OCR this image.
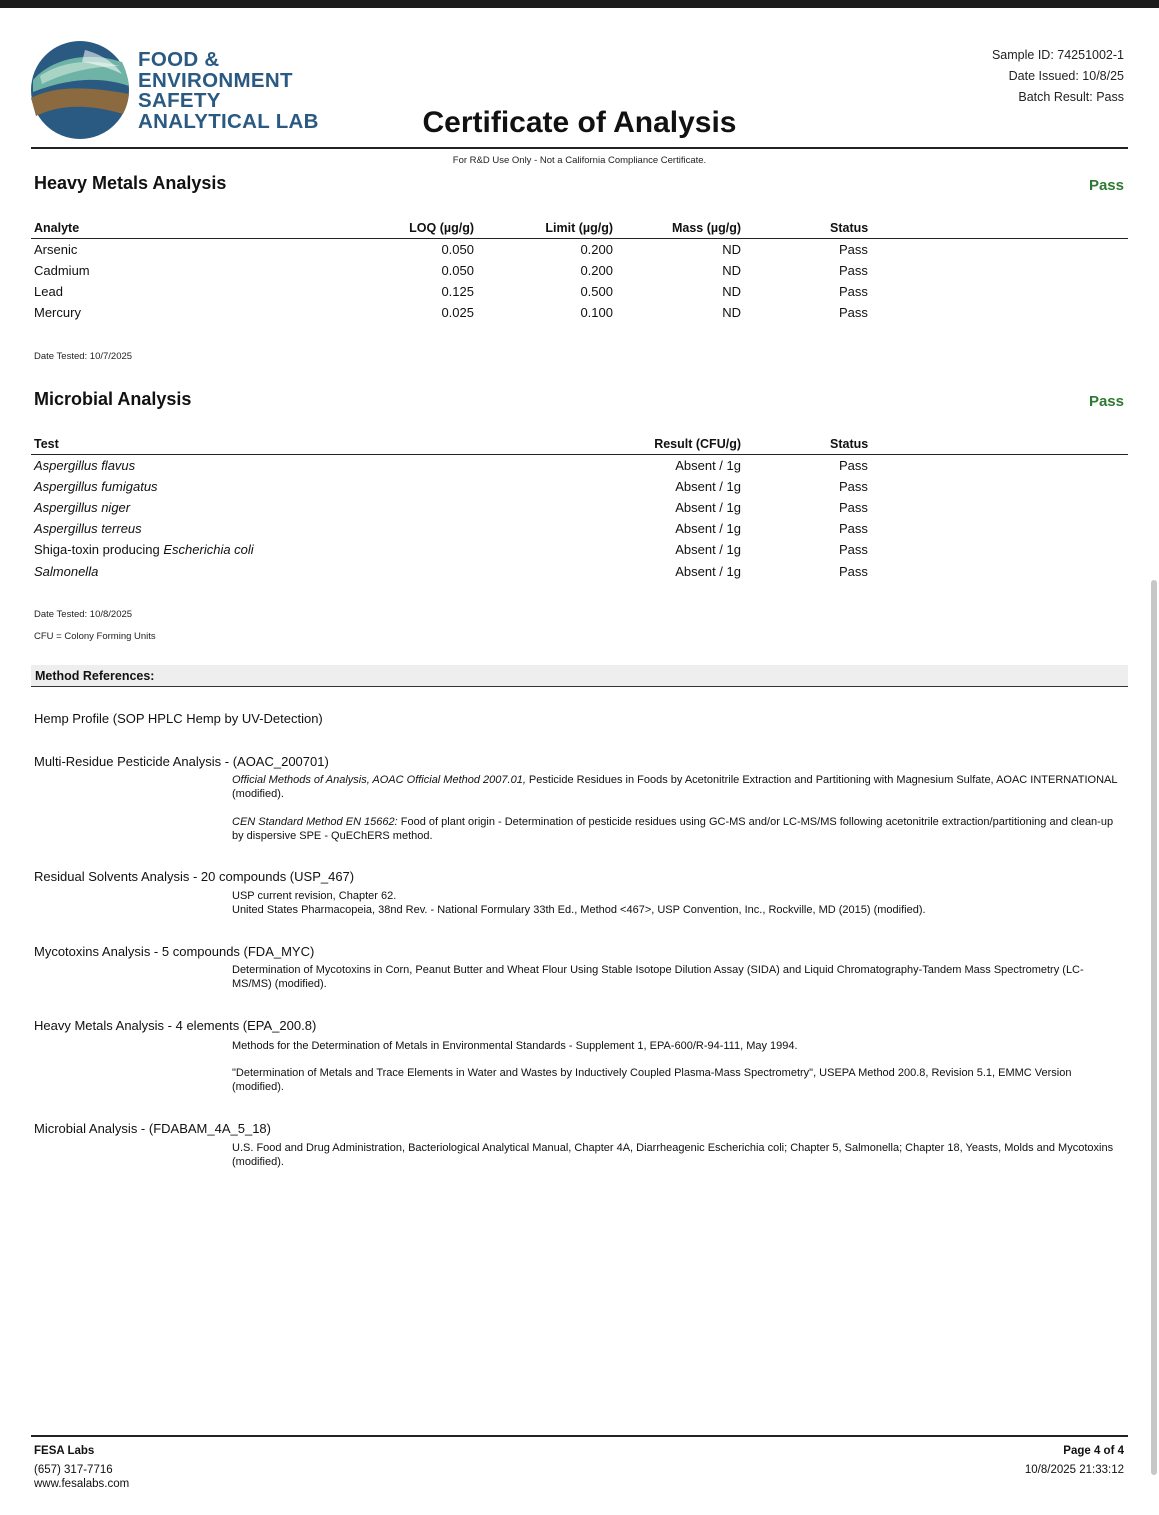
FOOD &
ENVIRONMENT
SAFETY
ANALYTICAL LAB
Sample ID: 74251002-1
Date Issued: 10/8/25
Batch Result: Pass
Certificate of Analysis
For R&D Use Only - Not a California Compliance Certificate.
Heavy Metals Analysis	Pass
Analyte	LOQ (µg/g)	Limit (µg/g)	Mass (µg/g)	Status
Arsenic	0.050	0.200	ND	Pass
Cadmium	0.050	0.200	ND	Pass
Lead	0.125	0.500	ND	Pass
Mercury	0.025	0.100	ND	Pass
Date Tested: 10/7/2025
Microbial Analysis	Pass
Test	Result (CFU/g)	Status
Aspergillus flavus	Absent / 1g	Pass
Aspergillus fumigatus	Absent / 1g	Pass
Aspergillus niger	Absent / 1g	Pass
Aspergillus terreus	Absent / 1g	Pass
Shiga-toxin producing Escherichia coli	Absent / 1g	Pass
Salmonella	Absent / 1g	Pass
Date Tested: 10/8/2025
CFU = Colony Forming Units
Method References:
Hemp Profile (SOP HPLC Hemp by UV-Detection)
Multi-Residue Pesticide Analysis - (AOAC_200701)
Official Methods of Analysis, AOAC Official Method 2007.01, Pesticide Residues in Foods by Acetonitrile Extraction and Partitioning with Magnesium Sulfate, AOAC INTERNATIONAL (modified).
CEN Standard Method EN 15662: Food of plant origin - Determination of pesticide residues using GC-MS and/or LC-MS/MS following acetonitrile extraction/partitioning and clean-up by dispersive SPE - QuEChERS method.
Residual Solvents Analysis - 20 compounds (USP_467)
USP current revision, Chapter 62.
United States Pharmacopeia, 38nd Rev. - National Formulary 33th Ed., Method <467>, USP Convention, Inc., Rockville, MD (2015) (modified).
Mycotoxins Analysis - 5 compounds (FDA_MYC)
Determination of Mycotoxins in Corn, Peanut Butter and Wheat Flour Using Stable Isotope Dilution Assay (SIDA) and Liquid Chromatography-Tandem Mass Spectrometry (LC-MS/MS) (modified).
Heavy Metals Analysis - 4 elements (EPA_200.8)
Methods for the Determination of Metals in Environmental Standards - Supplement 1, EPA-600/R-94-111, May 1994.
"Determination of Metals and Trace Elements in Water and Wastes by Inductively Coupled Plasma-Mass Spectrometry", USEPA Method 200.8, Revision 5.1, EMMC Version (modified).
Microbial Analysis - (FDABAM_4A_5_18)
U.S. Food and Drug Administration, Bacteriological Analytical Manual, Chapter 4A, Diarrheagenic Escherichia coli; Chapter 5, Salmonella; Chapter 18, Yeasts, Molds and Mycotoxins (modified).
FESA Labs
(657) 317-7716
www.fesalabs.com
Page 4 of 4
10/8/2025 21:33:12
